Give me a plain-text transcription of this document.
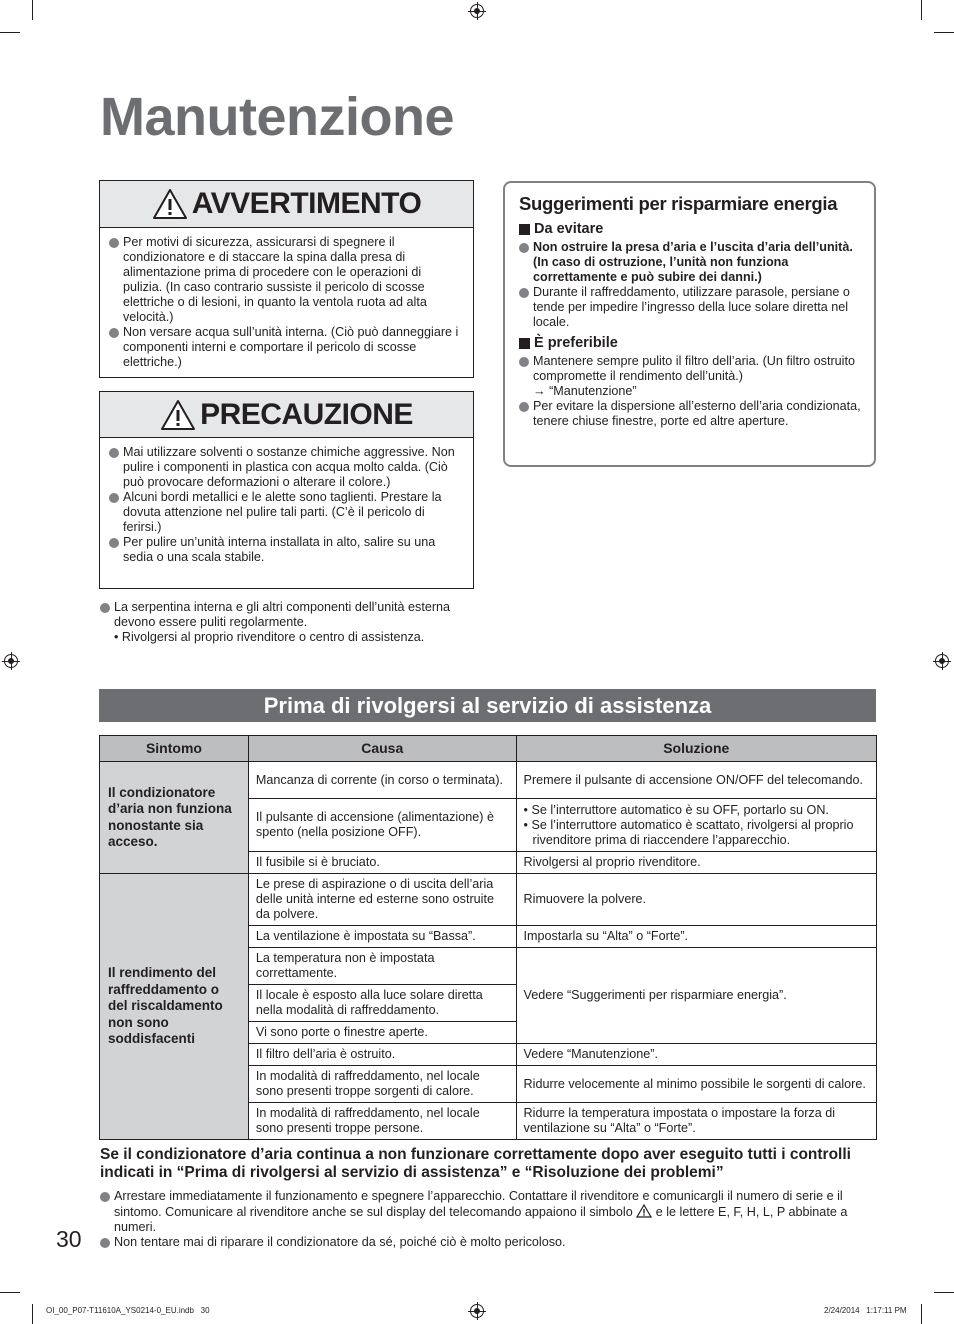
Manutenzione
AVVERTIMENTO
Per motivi di sicurezza, assicurarsi di spegnere il condizionatore e di staccare la spina dalla presa di alimentazione prima di procedere con le operazioni di pulizia. (In caso contrario sussiste il pericolo di scosse elettriche o di lesioni, in quanto la ventola ruota ad alta velocità.)
Non versare acqua sull’unità interna. (Ciò può danneggiare i componenti interni e comportare il pericolo di scosse elettriche.)
PRECAUZIONE
Mai utilizzare solventi o sostanze chimiche aggressive. Non pulire i componenti in plastica con acqua molto calda. (Ciò può provocare deformazioni o alterare il colore.)
Alcuni bordi metallici e le alette sono taglienti. Prestare la dovuta attenzione nel pulire tali parti. (C’è il pericolo di ferirsi.)
Per pulire un’unità interna installata in alto, salire su una sedia o una scala stabile.
La serpentina interna e gli altri componenti dell’unità esterna devono essere puliti regolarmente.
• Rivolgersi al proprio rivenditore o centro di assistenza.
Suggerimenti per risparmiare energia
Da evitare
Non ostruire la presa d’aria e l’uscita d’aria dell’unità. (In caso di ostruzione, l’unità non funziona correttamente e può subire dei danni.)
Durante il raffreddamento, utilizzare parasole, persiane o tende per impedire l’ingresso della luce solare diretta nel locale.
È preferibile
Mantenere sempre pulito il filtro dell’aria. (Un filtro ostruito compromette il rendimento dell’unità.)
→ “Manutenzione”
Per evitare la dispersione all’esterno dell’aria condizionata, tenere chiuse finestre, porte ed altre aperture.
Prima di rivolgersi al servizio di assistenza
Sintomo	Causa	Soluzione

Il condizionatore d’aria non funziona nonostante sia acceso.	Mancanza di corrente (in corso o terminata).	Premere il pulsante di accensione ON/OFF del telecomando.
	Il pulsante di accensione (alimentazione) è spento (nella posizione OFF).	• Se l’interruttore automatico è su OFF, portarlo su ON.
• Se l’interruttore automatico è scattato, rivolgersi al proprio rivenditore prima di riaccendere l’apparecchio.

	Il fusibile si è bruciato.	Rivolgersi al proprio rivenditore.

Il rendimento del raffreddamento o del riscaldamento non sono soddisfacenti	Le prese di aspirazione o di uscita dell’aria delle unità interne ed esterne sono ostruite da polvere.	Rimuovere la polvere.
	La ventilazione è impostata su “Bassa”.	Impostarla su “Alta” o “Forte”.
	La temperatura non è impostata correttamente.	Vedere “Suggerimenti per risparmiare energia”.
	Il locale è esposto alla luce solare diretta nella modalità di raffreddamento.	
	Vi sono porte o finestre aperte.	
	Il filtro dell’aria è ostruito.	Vedere “Manutenzione”.
	In modalità di raffreddamento, nel locale sono presenti troppe sorgenti di calore.	Ridurre velocemente al minimo possibile le sorgenti di calore.
	In modalità di raffreddamento, nel locale sono presenti troppe persone.	Ridurre la temperatura impostata o impostare la forza di ventilazione su “Alta” o “Forte”.
Se il condizionatore d’aria continua a non funzionare correttamente dopo aver eseguito tutti i controlli indicati in “Prima di rivolgersi al servizio di assistenza” e “Risoluzione dei problemi”
Arrestare immediatamente il funzionamento e spegnere l’apparecchio. Contattare il rivenditore e comunicargli il numero di serie e il sintomo. Comunicare al rivenditore anche se sul display del telecomando appaiono il simbolo e le lettere E, F, H, L, P abbinate a numeri.
Non tentare mai di riparare il condizionatore da sé, poiché ciò è molto pericoloso.
30
OI_00_P07-T11610A_YS0214-0_EU.indb   30	2/24/2014   1:17:11 PM
